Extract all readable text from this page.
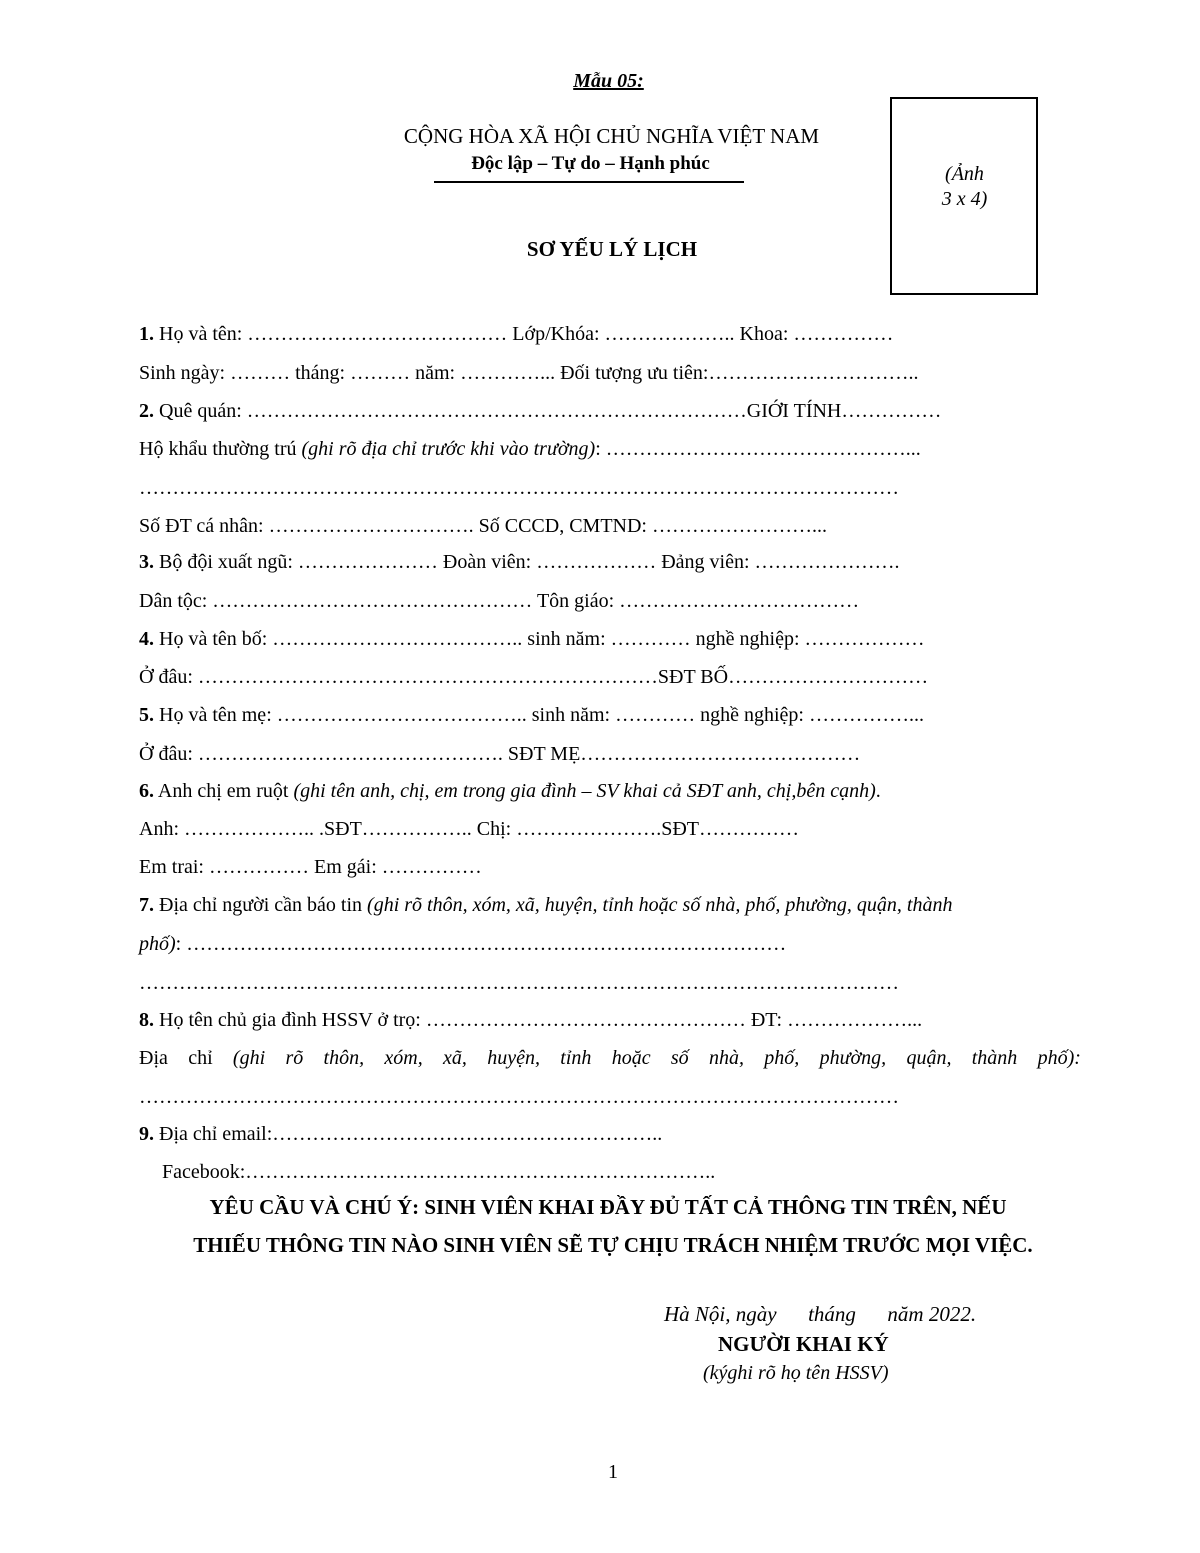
Mẫu 05:
CỘNG HÒA XÃ HỘI CHỦ NGHĨA VIỆT NAM
Độc lập – Tự do – Hạnh phúc
SƠ YẾU LÝ LỊCH
(Ảnh
3 x 4)
1. Họ và tên: ………………………………… Lớp/Khóa: ……………….. Khoa: ……………
Sinh ngày: ……… tháng: ……… năm: …………... Đối tượng ưu tiên:…………………………..
2. Quê quán: …………………………………………………………………GIỚI TÍNH……………
Hộ khẩu thường trú (ghi rõ địa chỉ trước khi vào trường): ………………………………………...
……………………………………………………………………………………………………
Số ĐT cá nhân: …………………………. Số CCCD, CMTND: ……………………...
3. Bộ đội xuất ngũ: ………………… Đoàn viên: ……………… Đảng viên: ………………….
Dân tộc: ………………………………………… Tôn giáo: ………………………………
4. Họ và tên bố: ……………………………….. sinh năm: ………… nghề nghiệp: ………………
Ở đâu: ……………………………………………………………SĐT BỐ…………………………
5. Họ và tên mẹ: ……………………………….. sinh năm: ………… nghề nghiệp: ……………...
Ở đâu: ………………………………………. SĐT MẸ……………………………………
6. Anh chị em ruột (ghi tên anh, chị, em trong gia đình – SV khai cả SĐT anh, chị,bên cạnh).
Anh: ……………….. .SĐT…………….. Chị: ………………….SĐT……………
Em trai: …………… Em gái: ……………
7. Địa chỉ người cần báo tin (ghi rõ thôn, xóm, xã, huyện, tỉnh hoặc số nhà, phố, phường, quận, thành
phố): ………………………………………………………………………………
……………………………………………………………………………………………………
8. Họ tên chủ gia đình HSSV ở trọ: ………………………………………… ĐT: ………………...
Địa chỉ (ghi rõ thôn, xóm, xã, huyện, tỉnh hoặc số nhà, phố, phường, quận, thành phố):
……………………………………………………………………………………………………
9. Địa chỉ email:…………………………………………………..
Facebook:……………………………………………………………..
YÊU CẦU VÀ CHÚ Ý: SINH VIÊN KHAI ĐẦY ĐỦ TẤT CẢ THÔNG TIN TRÊN, NẾU
THIẾU THÔNG TIN NÀO SINH VIÊN SẼ TỰ CHỊU TRÁCH NHIỆM TRƯỚC MỌI VIỆC.
Hà Nội, ngày      tháng      năm 2022.
NGƯỜI KHAI KÝ
(kýghi rõ họ tên HSSV)
1
